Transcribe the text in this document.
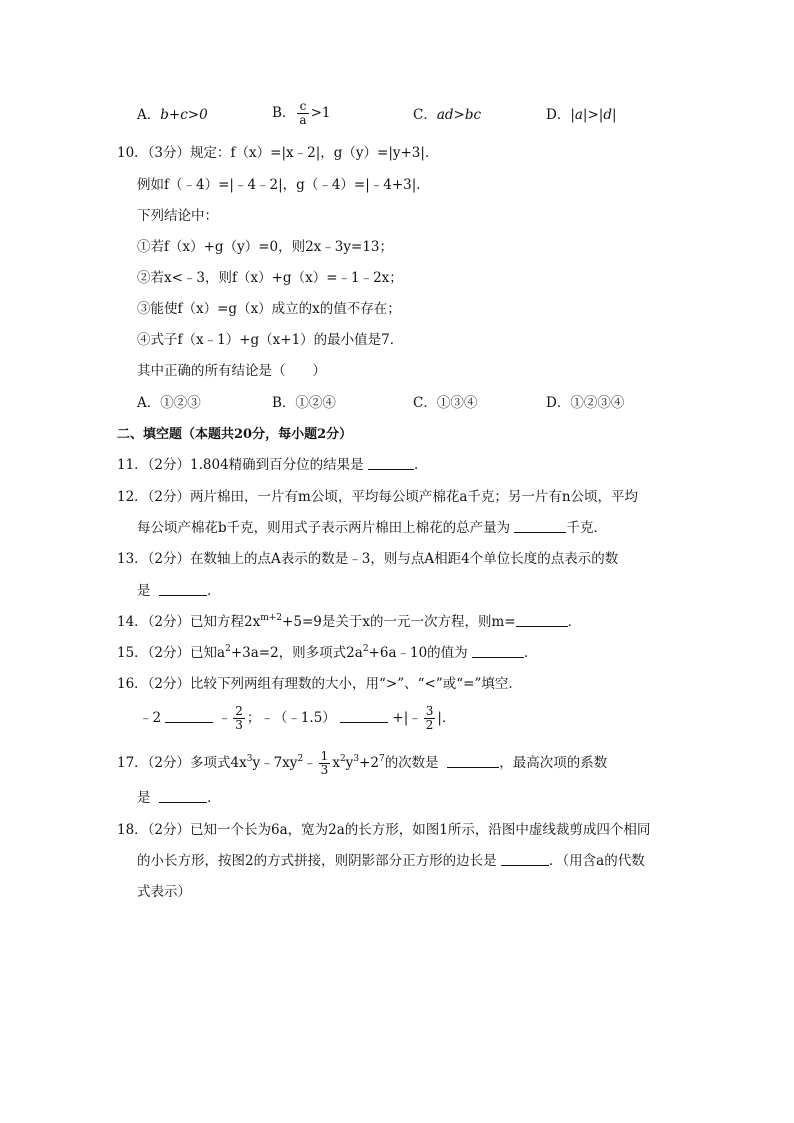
A．b+c>0	B． $\frac{c}{a} >1$	C．ad>bc	D．|a|>|d|
10．（3分）规定：f（x）=|x﹣2|，g（y）=|y+3|．
例如f（﹣4）=|﹣4﹣2|，g（﹣4）=|﹣4+3|．
下列结论中：
①若f（x）+g（y）=0，则2x﹣3y=13；
②若x<﹣3，则f（x）+g（x）=﹣1﹣2x；
③能使f（x）=g（x）成立的x的值不存在；
④式子f（x﹣1）+g（x+1）的最小值是7．
其中正确的所有结论是（　　）
A．①②③	B．①②④	C．①③④	D．①②③④
二、填空题（本题共20分，每小题2分）
11．（2分）1.804精确到百分位的结果是	．
12．（2分）两片棉田，一片有m公顷，平均每公顷产棉花a千克；另一片有n公顷，平均
每公顷产棉花b千克，则用式子表示两片棉田上棉花的总产量为	千克．
13．（2分）在数轴上的点A表示的数是﹣3，则与点A相距4个单位长度的点表示的数
是	．
14．（2分）已知方程$2x^{m+2}+5=9$是关于x的一元一次方程，则m=	．
15．（2分）已知$a^2+3a=2$，则多项式$2a^2+6a﹣10$的值为	．
16．（2分）比较下列两组有理数的大小，用“>”、“<”或“=”填空．
﹣2	﹣ $\frac{2}{3}$ ；﹣（﹣1.5）	+|﹣ $\frac{3}{2}$ |．
17．（2分）多项式$4x^3y﹣7xy^2﹣ \frac{1}{3} x^2y^3+2^7$的次数是	，最高次项的系数
是	．
18．（2分）已知一个长为6a，宽为2a的长方形，如图1所示，沿图中虚线裁剪成四个相同
的小长方形，按图2的方式拼接，则阴影部分正方形的边长是	．（用含a的代数
式表示）
